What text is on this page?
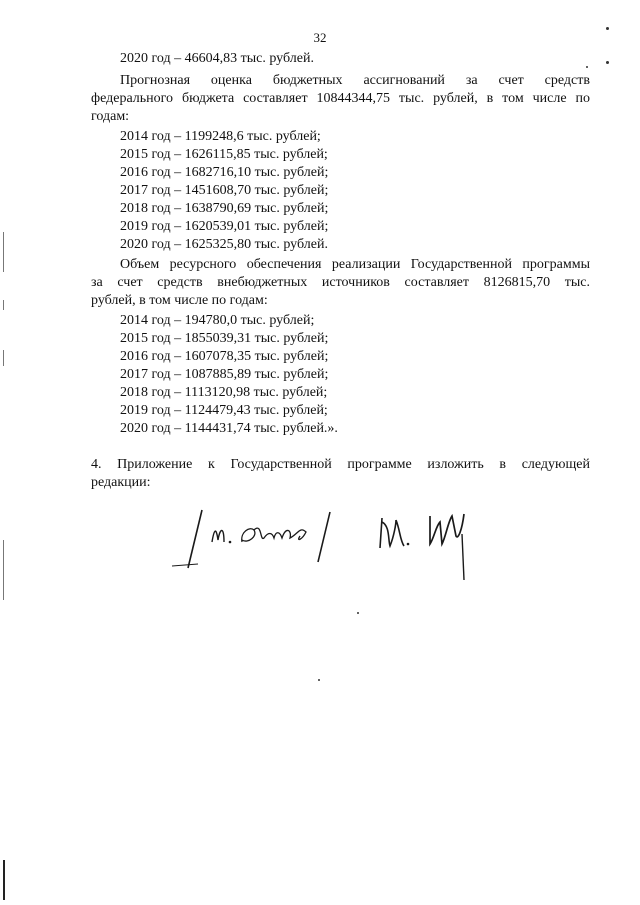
32
2020 год – 46604,83 тыс. рублей.
Прогнозная оценка бюджетных ассигнований за счет средств
федерального бюджета составляет 10844344,75 тыс. рублей, в том числе по
годам:
2014 год – 1199248,6 тыс. рублей;
2015 год – 1626115,85 тыс. рублей;
2016 год – 1682716,10 тыс. рублей;
2017 год – 1451608,70 тыс. рублей;
2018 год – 1638790,69 тыс. рублей;
2019 год – 1620539,01 тыс. рублей;
2020 год – 1625325,80 тыс. рублей.
Объем ресурсного обеспечения реализации Государственной программы
за счет средств внебюджетных источников составляет 8126815,70 тыс.
рублей, в том числе по годам:
2014 год – 194780,0 тыс. рублей;
2015 год – 1855039,31 тыс. рублей;
2016 год – 1607078,35 тыс. рублей;
2017 год – 1087885,89 тыс. рублей;
2018 год – 1113120,98 тыс. рублей;
2019 год – 1124479,43 тыс. рублей;
2020 год – 1144431,74 тыс. рублей.».
4. Приложение к Государственной программе изложить в следующей
редакции:
